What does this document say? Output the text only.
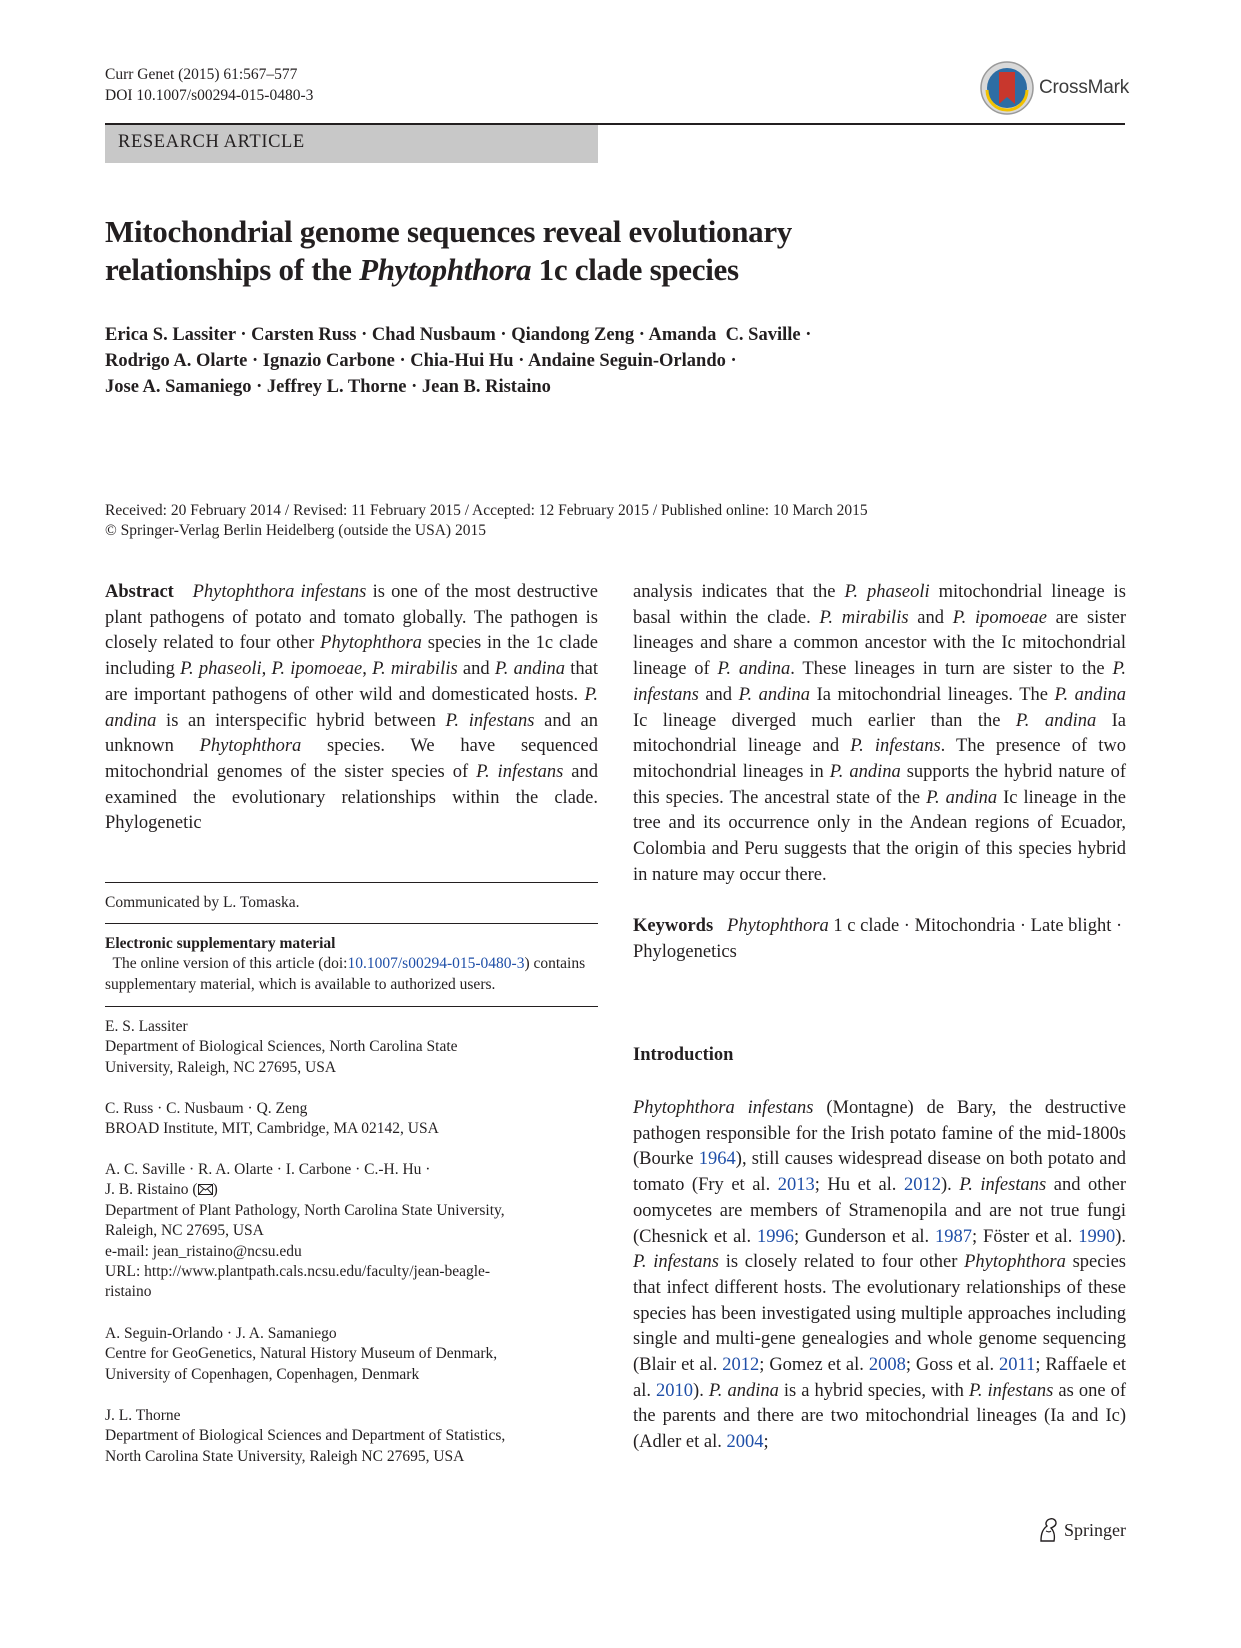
Curr Genet (2015) 61:567–577
DOI 10.1007/s00294-015-0480-3	CrossMark
RESEARCH ARTICLE
Mitochondrial genome sequences reveal evolutionary
relationships of the Phytophthora 1c clade species
Erica S. Lassiter · Carsten Russ · Chad Nusbaum · Qiandong Zeng · Amanda  C. Saville ·
Rodrigo A. Olarte · Ignazio Carbone · Chia-Hui Hu · Andaine Seguin-Orlando ·
Jose A. Samaniego · Jeffrey L. Thorne · Jean B. Ristaino
Received: 20 February 2014 / Revised: 11 February 2015 / Accepted: 12 February 2015 / Published online: 10 March 2015
© Springer-Verlag Berlin Heidelberg (outside the USA) 2015

Abstract Phytophthora infestans is one of the most destructive plant pathogens of potato and tomato globally. The pathogen is closely related to four other Phytophthora species in the 1c clade including P. phaseoli, P. ipomoeae, P. mirabilis and P. andina that are important pathogens of other wild and domesticated hosts. P. andina is an interspecific hybrid between P. infestans and an unknown Phytophthora species. We have sequenced mitochondrial genomes of the sister species of P. infestans and examined the evolutionary relationships within the clade. Phylogenetic

Communicated by L. Tomaska.
Electronic supplementary material  The online version of this article (doi:10.1007/s00294-015-0480-3) contains supplementary material, which is available to authorized users.
E. S. Lassiter
Department of Biological Sciences, North Carolina State
University, Raleigh, NC 27695, USA
C. Russ · C. Nusbaum · Q. Zeng
BROAD Institute, MIT, Cambridge, MA 02142, USA
A. C. Saville · R. A. Olarte · I. Carbone · C.-H. Hu ·
J. B. Ristaino ( )
Department of Plant Pathology, North Carolina State University,
Raleigh, NC 27695, USA
e-mail: jean_ristaino@ncsu.edu
URL: http://www.plantpath.cals.ncsu.edu/faculty/jean-beagle-
ristaino
A. Seguin-Orlando · J. A. Samaniego
Centre for GeoGenetics, Natural History Museum of Denmark,
University of Copenhagen, Copenhagen, Denmark
J. L. Thorne
Department of Biological Sciences and Department of Statistics,
North Carolina State University, Raleigh NC 27695, USA

analysis indicates that the P. phaseoli mitochondrial lineage is basal within the clade. P. mirabilis and P. ipomoeae are sister lineages and share a common ancestor with the Ic mitochondrial lineage of P. andina. These lineages in turn are sister to the P. infestans and P. andina Ia mitochondrial lineages. The P. andina Ic lineage diverged much earlier than the P. andina Ia mitochondrial lineage and P. infestans. The presence of two mitochondrial lineages in P. andina supports the hybrid nature of this species. The ancestral state of the P. andina Ic lineage in the tree and its occurrence only in the Andean regions of Ecuador, Colombia and Peru suggests that the origin of this species hybrid in nature may occur there.

Keywords Phytophthora 1 c clade · Mitochondria · Late blight · Phylogenetics

Introduction

Phytophthora infestans (Montagne) de Bary, the destructive pathogen responsible for the Irish potato famine of the mid-1800s (Bourke 1964), still causes widespread disease on both potato and tomato (Fry et al. 2013; Hu et al. 2012). P. infestans and other oomycetes are members of Stramenopila and are not true fungi (Chesnick et al. 1996; Gunderson et al. 1987; Föster et al. 1990). P. infestans is closely related to four other Phytophthora species that infect different hosts. The evolutionary relationships of these species has been investigated using multiple approaches including single and multi-gene genealogies and whole genome sequencing (Blair et al. 2012; Gomez et al. 2008; Goss et al. 2011; Raffaele et al. 2010). P. andina is a hybrid species, with P. infestans as one of the parents and there are two mitochondrial lineages (Ia and Ic) (Adler et al. 2004;

Springer
